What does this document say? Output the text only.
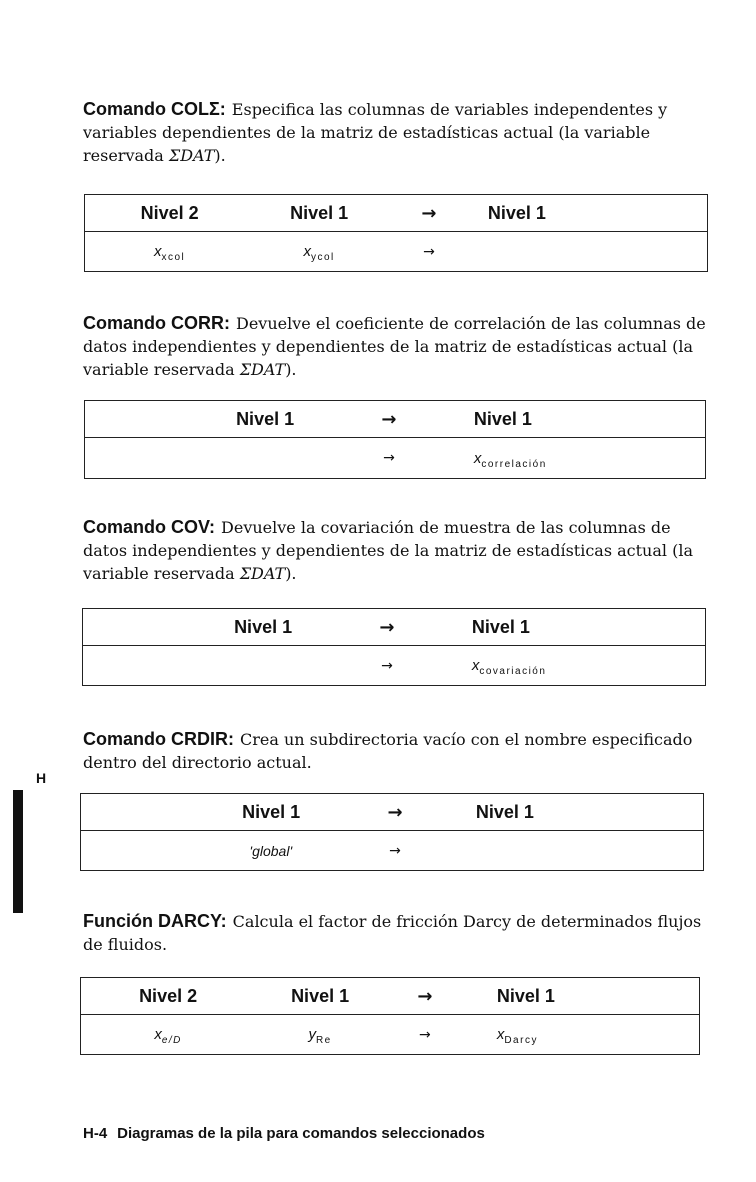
Comando COLΣ: Especifica las columnas de variables independentes y variables dependientes de la matriz de estadísticas actual (la variable reservada ΣDAT).

Nivel 2	Nivel 1	→	Nivel 1
$x_{xcol}$	$x_{ycol}$	→	

Comando CORR: Devuelve el coeficiente de correlación de las columnas de datos independientes y dependientes de la matriz de estadísticas actual (la variable reservada ΣDAT).

Nivel 1	→	Nivel 1
	→	$x_{correlación}$

Comando COV: Devuelve la covariación de muestra de las columnas de datos independientes y dependientes de la matriz de estadísticas actual (la variable reservada ΣDAT).

Nivel 1	→	Nivel 1
	→	$x_{covariación}$

Comando CRDIR: Crea un subdirectoria vacío con el nombre especificado dentro del directorio actual.

Nivel 1	→	Nivel 1
'global'	→	

Función DARCY: Calcula el factor de fricción Darcy de determinados flujos de fluidos.

Nivel 2	Nivel 1	→	Nivel 1
$x_{e/D}$	$y_{Re}$	→	$x_{Darcy}$
H
H-4 Diagramas de la pila para comandos seleccionados
